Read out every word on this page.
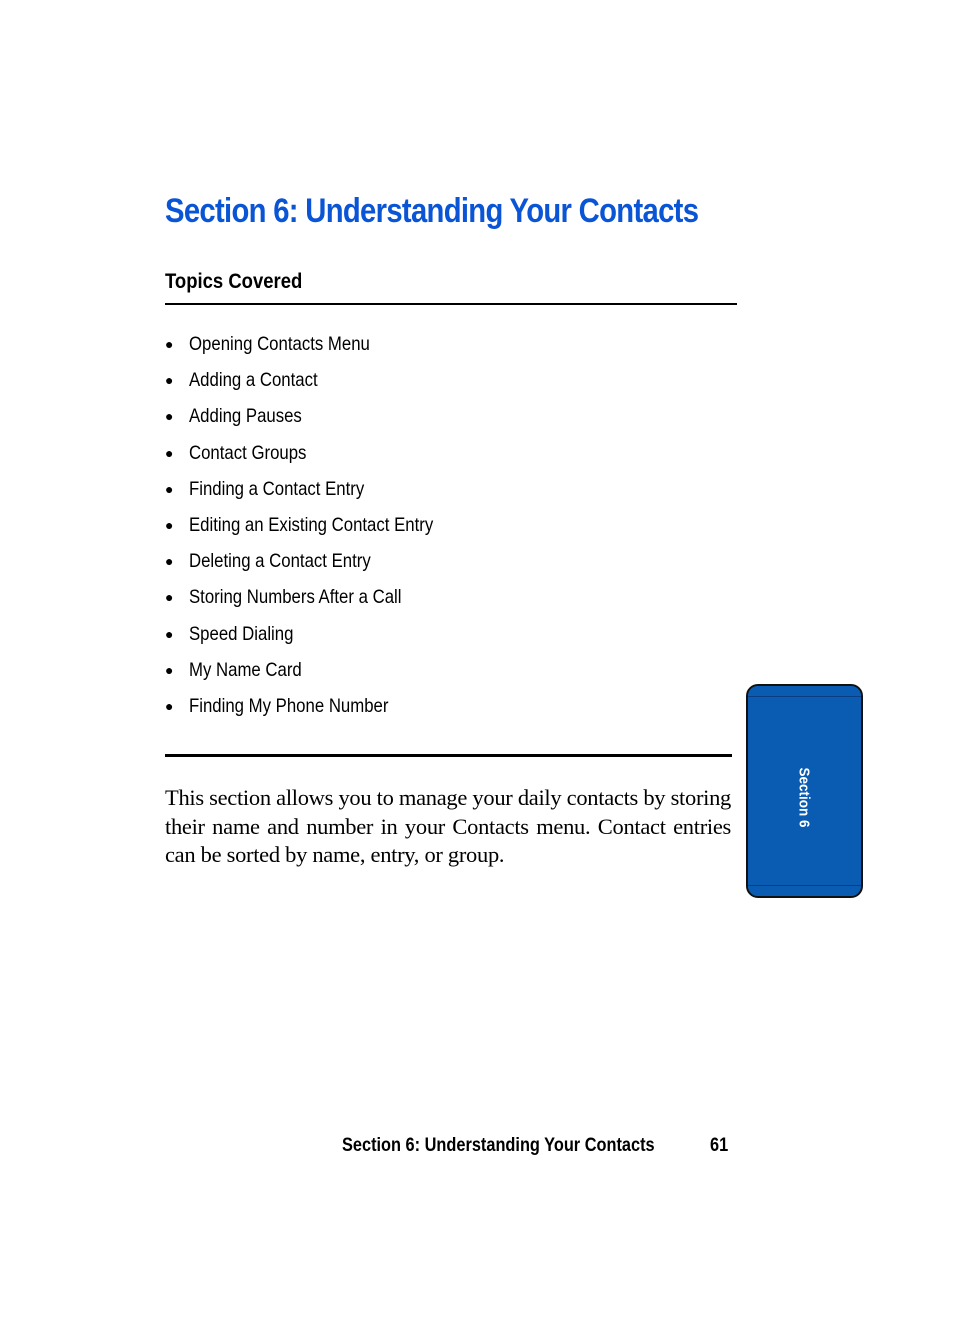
Section 6: Understanding Your Contacts
Topics Covered
● Opening Contacts Menu
● Adding a Contact
● Adding Pauses
● Contact Groups
● Finding a Contact Entry
● Editing an Existing Contact Entry
● Deleting a Contact Entry
● Storing Numbers After a Call
● Speed Dialing
● My Name Card
● Finding My Phone Number

This section allows you to manage your daily contacts by storing their name and number in your Contacts menu. Contact entries can be sorted by name, entry, or group.

Section 6
Section 6: Understanding Your Contacts	61
